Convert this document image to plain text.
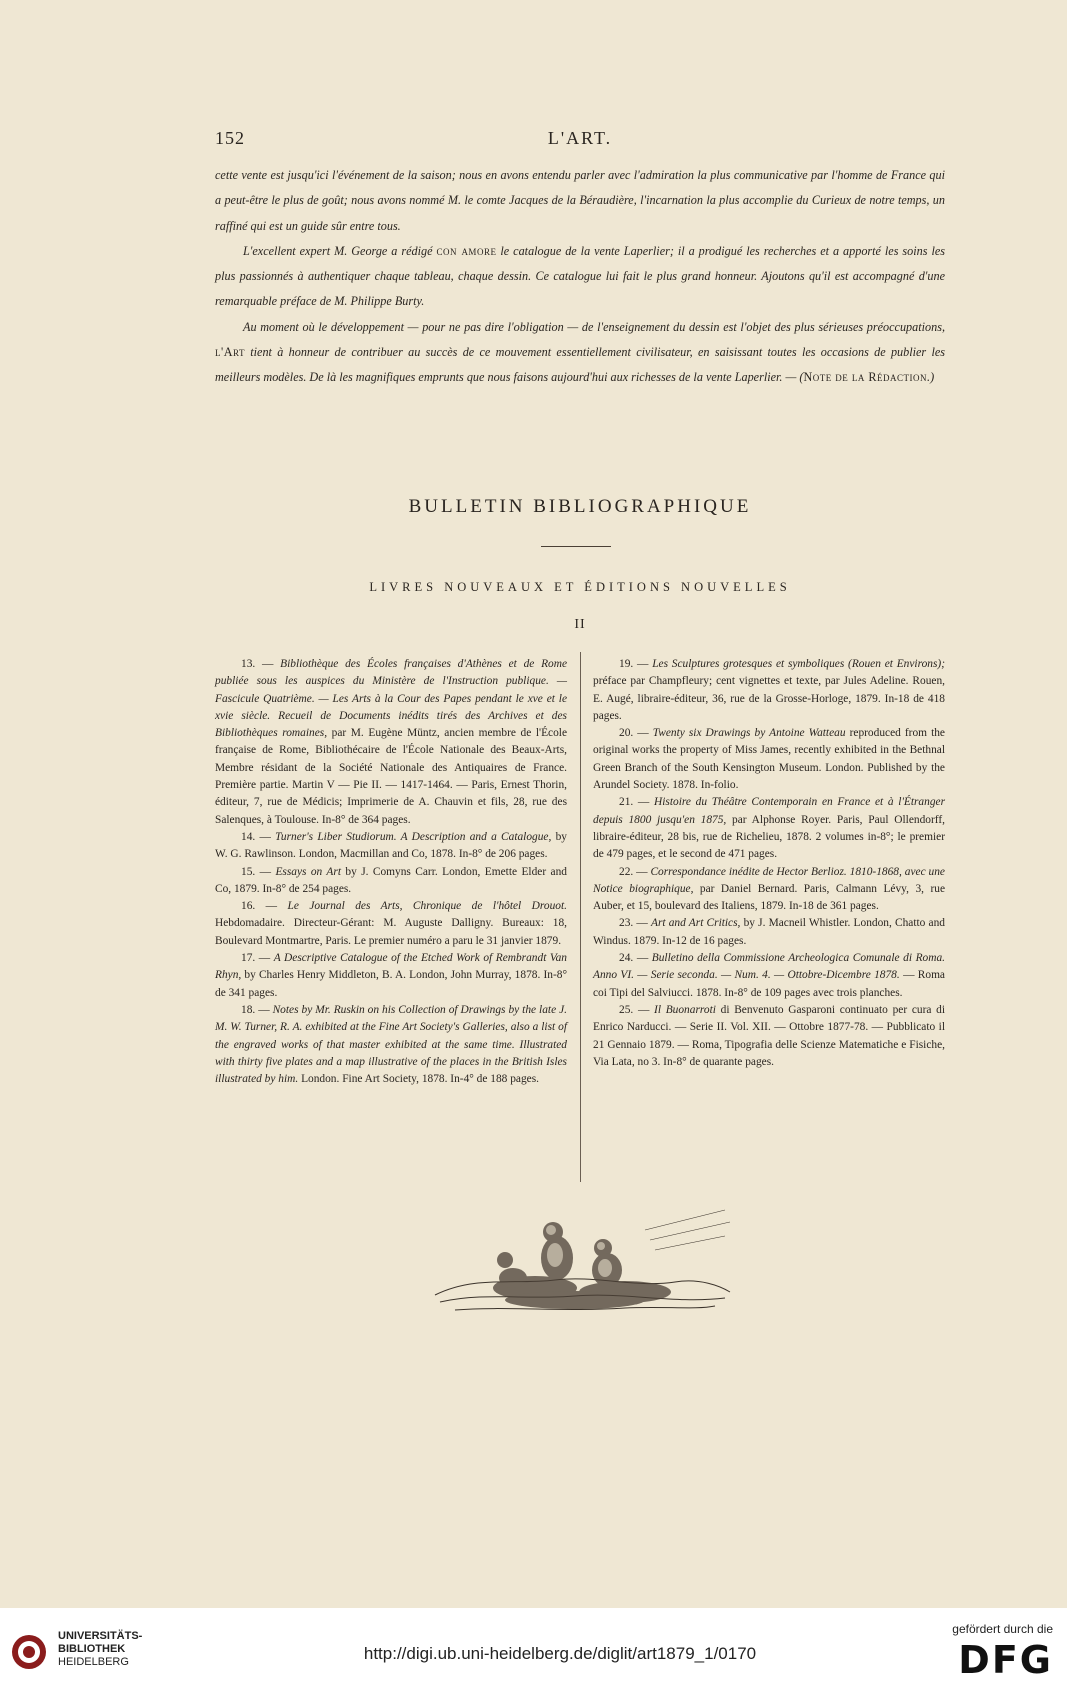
152	L'ART.

cette vente est jusqu'ici l'événement de la saison; nous en avons entendu parler avec l'admiration la plus communicative par l'homme de France qui a peut-être le plus de goût; nous avons nommé M. le comte Jacques de la Béraudière, l'incarnation la plus accomplie du Curieux de notre temps, un raffiné qui est un guide sûr entre tous.

L'excellent expert M. George a rédigé con amore le catalogue de la vente Laperlier; il a prodigué les recherches et a apporté les soins les plus passionnés à authentiquer chaque tableau, chaque dessin. Ce catalogue lui fait le plus grand honneur. Ajoutons qu'il est accompagné d'une remarquable préface de M. Philippe Burty.

Au moment où le développement — pour ne pas dire l'obligation — de l'enseignement du dessin est l'objet des plus sérieuses préoccupations, l'Art tient à honneur de contribuer au succès de ce mouvement essentiellement civilisateur, en saisissant toutes les occasions de publier les meilleurs modèles. De là les magnifiques emprunts que nous faisons aujourd'hui aux richesses de la vente Laperlier. — (Note de la Rédaction.)

BULLETIN BIBLIOGRAPHIQUE
LIVRES NOUVEAUX ET ÉDITIONS NOUVELLES
II

13. — Bibliothèque des Écoles françaises d'Athènes et de Rome publiée sous les auspices du Ministère de l'Instruction publique. — Fascicule Quatrième. — Les Arts à la Cour des Papes pendant le xve et le xvie siècle. Recueil de Documents inédits tirés des Archives et des Bibliothèques romaines, par M. Eugène Müntz, ancien membre de l'École française de Rome, Bibliothécaire de l'École Nationale des Beaux-Arts, Membre résidant de la Société Nationale des Antiquaires de France. Première partie. Martin V — Pie II. — 1417-1464. — Paris, Ernest Thorin, éditeur, 7, rue de Médicis; Imprimerie de A. Chauvin et fils, 28, rue des Salenques, à Toulouse. In-8° de 364 pages.

14. — Turner's Liber Studiorum. A Description and a Catalogue, by W. G. Rawlinson. London, Macmillan and Co, 1878. In-8° de 206 pages.

15. — Essays on Art by J. Comyns Carr. London, Emette Elder and Co, 1879. In-8° de 254 pages.

16. — Le Journal des Arts, Chronique de l'hôtel Drouot. Hebdomadaire. Directeur-Gérant: M. Auguste Dalligny. Bureaux: 18, Boulevard Montmartre, Paris. Le premier numéro a paru le 31 janvier 1879.

17. — A Descriptive Catalogue of the Etched Work of Rembrandt Van Rhyn, by Charles Henry Middleton, B. A. London, John Murray, 1878. In-8° de 341 pages.

18. — Notes by Mr. Ruskin on his Collection of Drawings by the late J. M. W. Turner, R. A. exhibited at the Fine Art Society's Galleries, also a list of the engraved works of that master exhibited at the same time. Illustrated with thirty five plates and a map illustrative of the places in the British Isles illustrated by him. London. Fine Art Society, 1878. In-4° de 188 pages.

19. — Les Sculptures grotesques et symboliques (Rouen et Environs); préface par Champfleury; cent vignettes et texte, par Jules Adeline. Rouen, E. Augé, libraire-éditeur, 36, rue de la Grosse-Horloge, 1879. In-18 de 418 pages.

20. — Twenty six Drawings by Antoine Watteau reproduced from the original works the property of Miss James, recently exhibited in the Bethnal Green Branch of the South Kensington Museum. London. Published by the Arundel Society. 1878. In-folio.

21. — Histoire du Théâtre Contemporain en France et à l'Étranger depuis 1800 jusqu'en 1875, par Alphonse Royer. Paris, Paul Ollendorff, libraire-éditeur, 28 bis, rue de Richelieu, 1878. 2 volumes in-8°; le premier de 479 pages, et le second de 471 pages.

22. — Correspondance inédite de Hector Berlioz. 1810-1868, avec une Notice biographique, par Daniel Bernard. Paris, Calmann Lévy, 3, rue Auber, et 15, boulevard des Italiens, 1879. In-18 de 361 pages.

23. — Art and Art Critics, by J. Macneil Whistler. London, Chatto and Windus. 1879. In-12 de 16 pages.

24. — Bulletino della Commissione Archeologica Comunale di Roma. Anno VI. — Serie seconda. — Num. 4. — Ottobre-Dicembre 1878. — Roma coi Tipi del Salviucci. 1878. In-8° de 109 pages avec trois planches.

25. — Il Buonarroti di Benvenuto Gasparoni continuato per cura di Enrico Narducci. — Serie II. Vol. XII. — Ottobre 1877-78. — Pubblicato il 21 Gennaio 1879. — Roma, Tipografia delle Scienze Matematiche e Fisiche, Via Lata, no 3. In-8° de quarante pages.

UNIVERSITÄTS-
BIBLIOTHEK
HEIDELBERG	http://digi.ub.uni-heidelberg.de/diglit/art1879_1/0170
gefördert durch die
DFG
